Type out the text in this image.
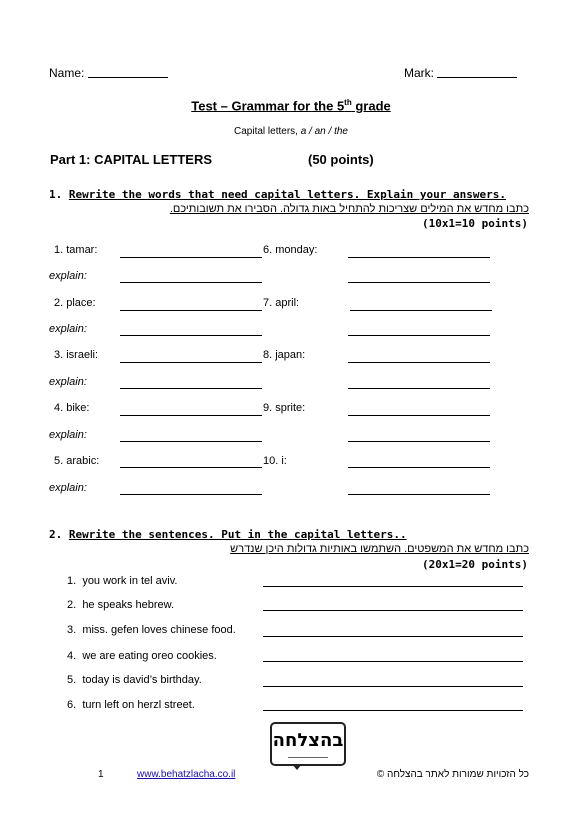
Name:	Mark:
Test – Grammar for the 5th grade
Capital letters, a / an / the
Part 1: CAPITAL LETTERS	(50 points)
1. Rewrite the words that need capital letters. Explain your answers.
כתבו מחדש את המילים שצריכות להתחיל באות גדולה. הסבירו את תשובותיכם.
(10x1=10 points)
1. tamar:	6. monday:
explain:
2. place:	7. april:
explain:
3. israeli:	8. japan:
explain:
4. bike:	9. sprite:
explain:
5. arabic:	10. i:
explain:
2. Rewrite the sentences. Put in the capital letters..
כתבו מחדש את המשפטים. השתמשו באותיות גדולות היכן שנדרש
(20x1=20 points)
1. you work in tel aviv.
2. he speaks hebrew.
3. miss. gefen loves chinese food.
4. we are eating oreo cookies.
5. today is david’s birthday.
6. turn left on herzl street.
בהצלחה
1	www.behatzlacha.co.il	כל הזכויות שמורות לאתר בהצלחה ©
